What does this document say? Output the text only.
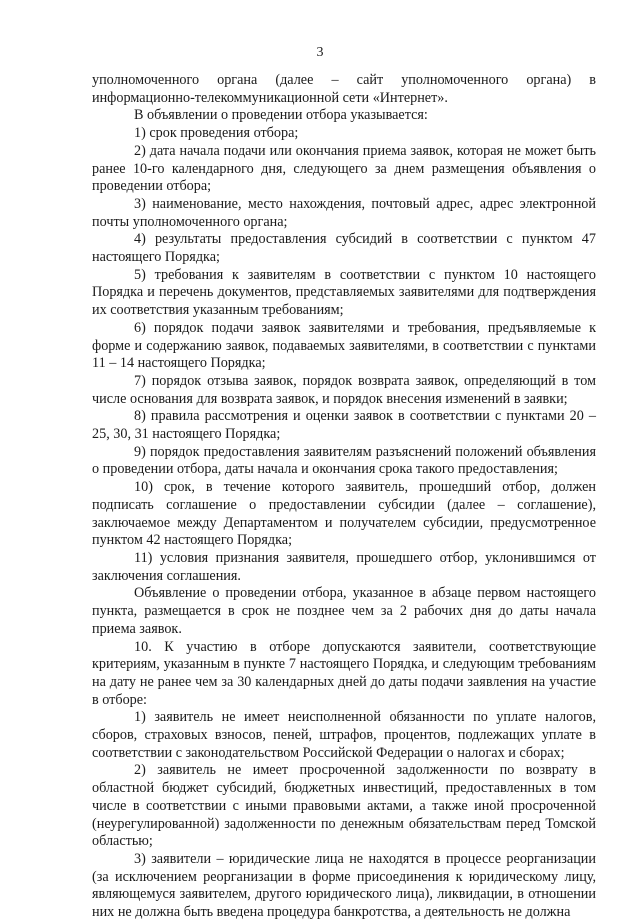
3

уполномоченного органа (далее – сайт уполномоченного органа) в информационно-телекоммуникационной сети «Интернет».

В объявлении о проведении отбора указывается:

1) срок проведения отбора;

2) дата начала подачи или окончания приема заявок, которая не может быть ранее 10-го календарного дня, следующего за днем размещения объявления о проведении отбора;

3) наименование, место нахождения, почтовый адрес, адрес электронной почты уполномоченного органа;

4) результаты предоставления субсидий в соответствии с пунктом 47 настоящего Порядка;

5) требования к заявителям в соответствии с пунктом 10 настоящего Порядка и перечень документов, представляемых заявителями для подтверждения их соответствия указанным требованиям;

6) порядок подачи заявок заявителями и требования, предъявляемые к форме и содержанию заявок, подаваемых заявителями, в соответствии с пунктами 11 – 14 настоящего Порядка;

7) порядок отзыва заявок, порядок возврата заявок, определяющий в том числе основания для возврата заявок, и порядок внесения изменений в заявки;

8) правила рассмотрения и оценки заявок в соответствии с пунктами 20 – 25, 30, 31 настоящего Порядка;

9) порядок предоставления заявителям разъяснений положений объявления о проведении отбора, даты начала и окончания срока такого предоставления;

10) срок, в течение которого заявитель, прошедший отбор, должен подписать соглашение о предоставлении субсидии (далее – соглашение), заключаемое между Департаментом и получателем субсидии, предусмотренное пунктом 42 настоящего Порядка;

11) условия признания заявителя, прошедшего отбор, уклонившимся от заключения соглашения.

Объявление о проведении отбора, указанное в абзаце первом настоящего пункта, размещается в срок не позднее чем за 2 рабочих дня до даты начала приема заявок.

10. К участию в отборе допускаются заявители, соответствующие критериям, указанным в пункте 7 настоящего Порядка, и следующим требованиям на дату не ранее чем за 30 календарных дней до даты подачи заявления на участие в отборе:

1) заявитель не имеет неисполненной обязанности по уплате налогов, сборов, страховых взносов, пеней, штрафов, процентов, подлежащих уплате в соответствии с законодательством Российской Федерации о налогах и сборах;

2) заявитель не имеет просроченной задолженности по возврату в областной бюджет субсидий, бюджетных инвестиций, предоставленных в том числе в соответствии с иными правовыми актами, а также иной просроченной (неурегулированной) задолженности по денежным обязательствам перед Томской областью;

3) заявители – юридические лица не находятся в процессе реорганизации (за исключением реорганизации в форме присоединения к юридическому лицу, являющемуся заявителем, другого юридического лица), ликвидации, в отношении них не должна быть введена процедура банкротства, а деятельность не должна
